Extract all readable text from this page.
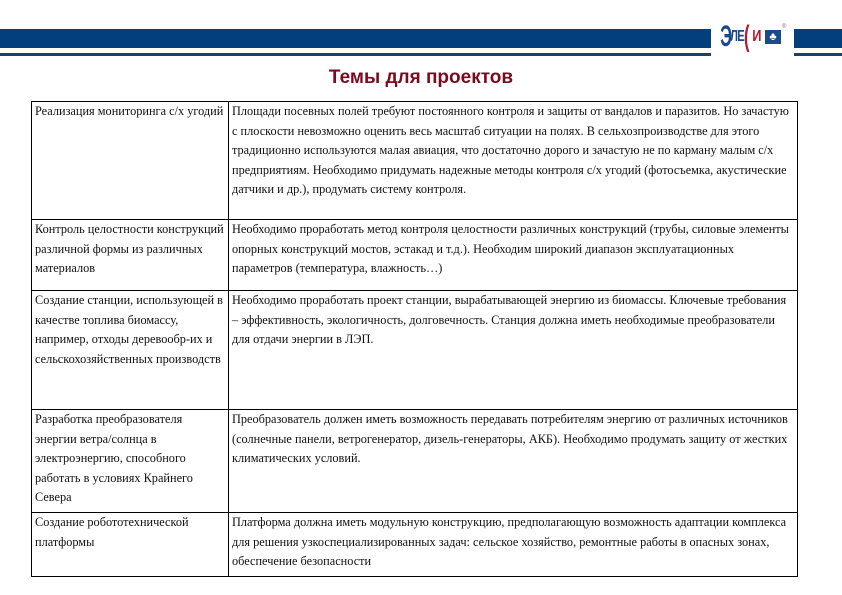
Э
ЛЕ ( И ♣
®
Темы для проектов
Реализация мониторинга с/х угодий	Площади посевных полей требуют постоянного контроля и защиты от вандалов и паразитов. Но зачастую с плоскости невозможно оценить весь масштаб ситуации на полях. В сельхозпроизводстве для этого традиционно используются малая авиация, что достаточно дорого и зачастую не по карману малым с/х предприятиям. Необходимо придумать надежные методы контроля с/х угодий (фотосъемка, акустические датчики и др.), продумать систему контроля.
Контроль целостности конструкций различной формы из различных материалов	Необходимо проработать метод контроля целостности различных конструкций (трубы, силовые элементы опорных конструкций мостов, эстакад и т.д.). Необходим широкий диапазон эксплуатационных параметров (температура, влажность…)
Создание станции, использующей в качестве топлива биомассу, например, отходы деревообр-их и сельскохозяйственных производств	Необходимо проработать проект станции, вырабатывающей энергию из биомассы. Ключевые требования – эффективность, экологичность, долговечность. Станция должна иметь необходимые преобразователи для отдачи энергии в ЛЭП.
Разработка преобразователя энергии ветра/солнца в электроэнергию, способного работать в условиях Крайнего Севера	Преобразователь должен иметь возможность передавать потребителям энергию от различных источников (солнечные панели, ветрогенератор, дизель-генераторы, АКБ). Необходимо продумать защиту от жестких климатических условий.
Создание робототехнической платформы	Платформа должна иметь модульную конструкцию, предполагающую возможность адаптации комплекса для решения узкоспециализированных задач: сельское хозяйство, ремонтные работы в опасных зонах, обеспечение безопасности
